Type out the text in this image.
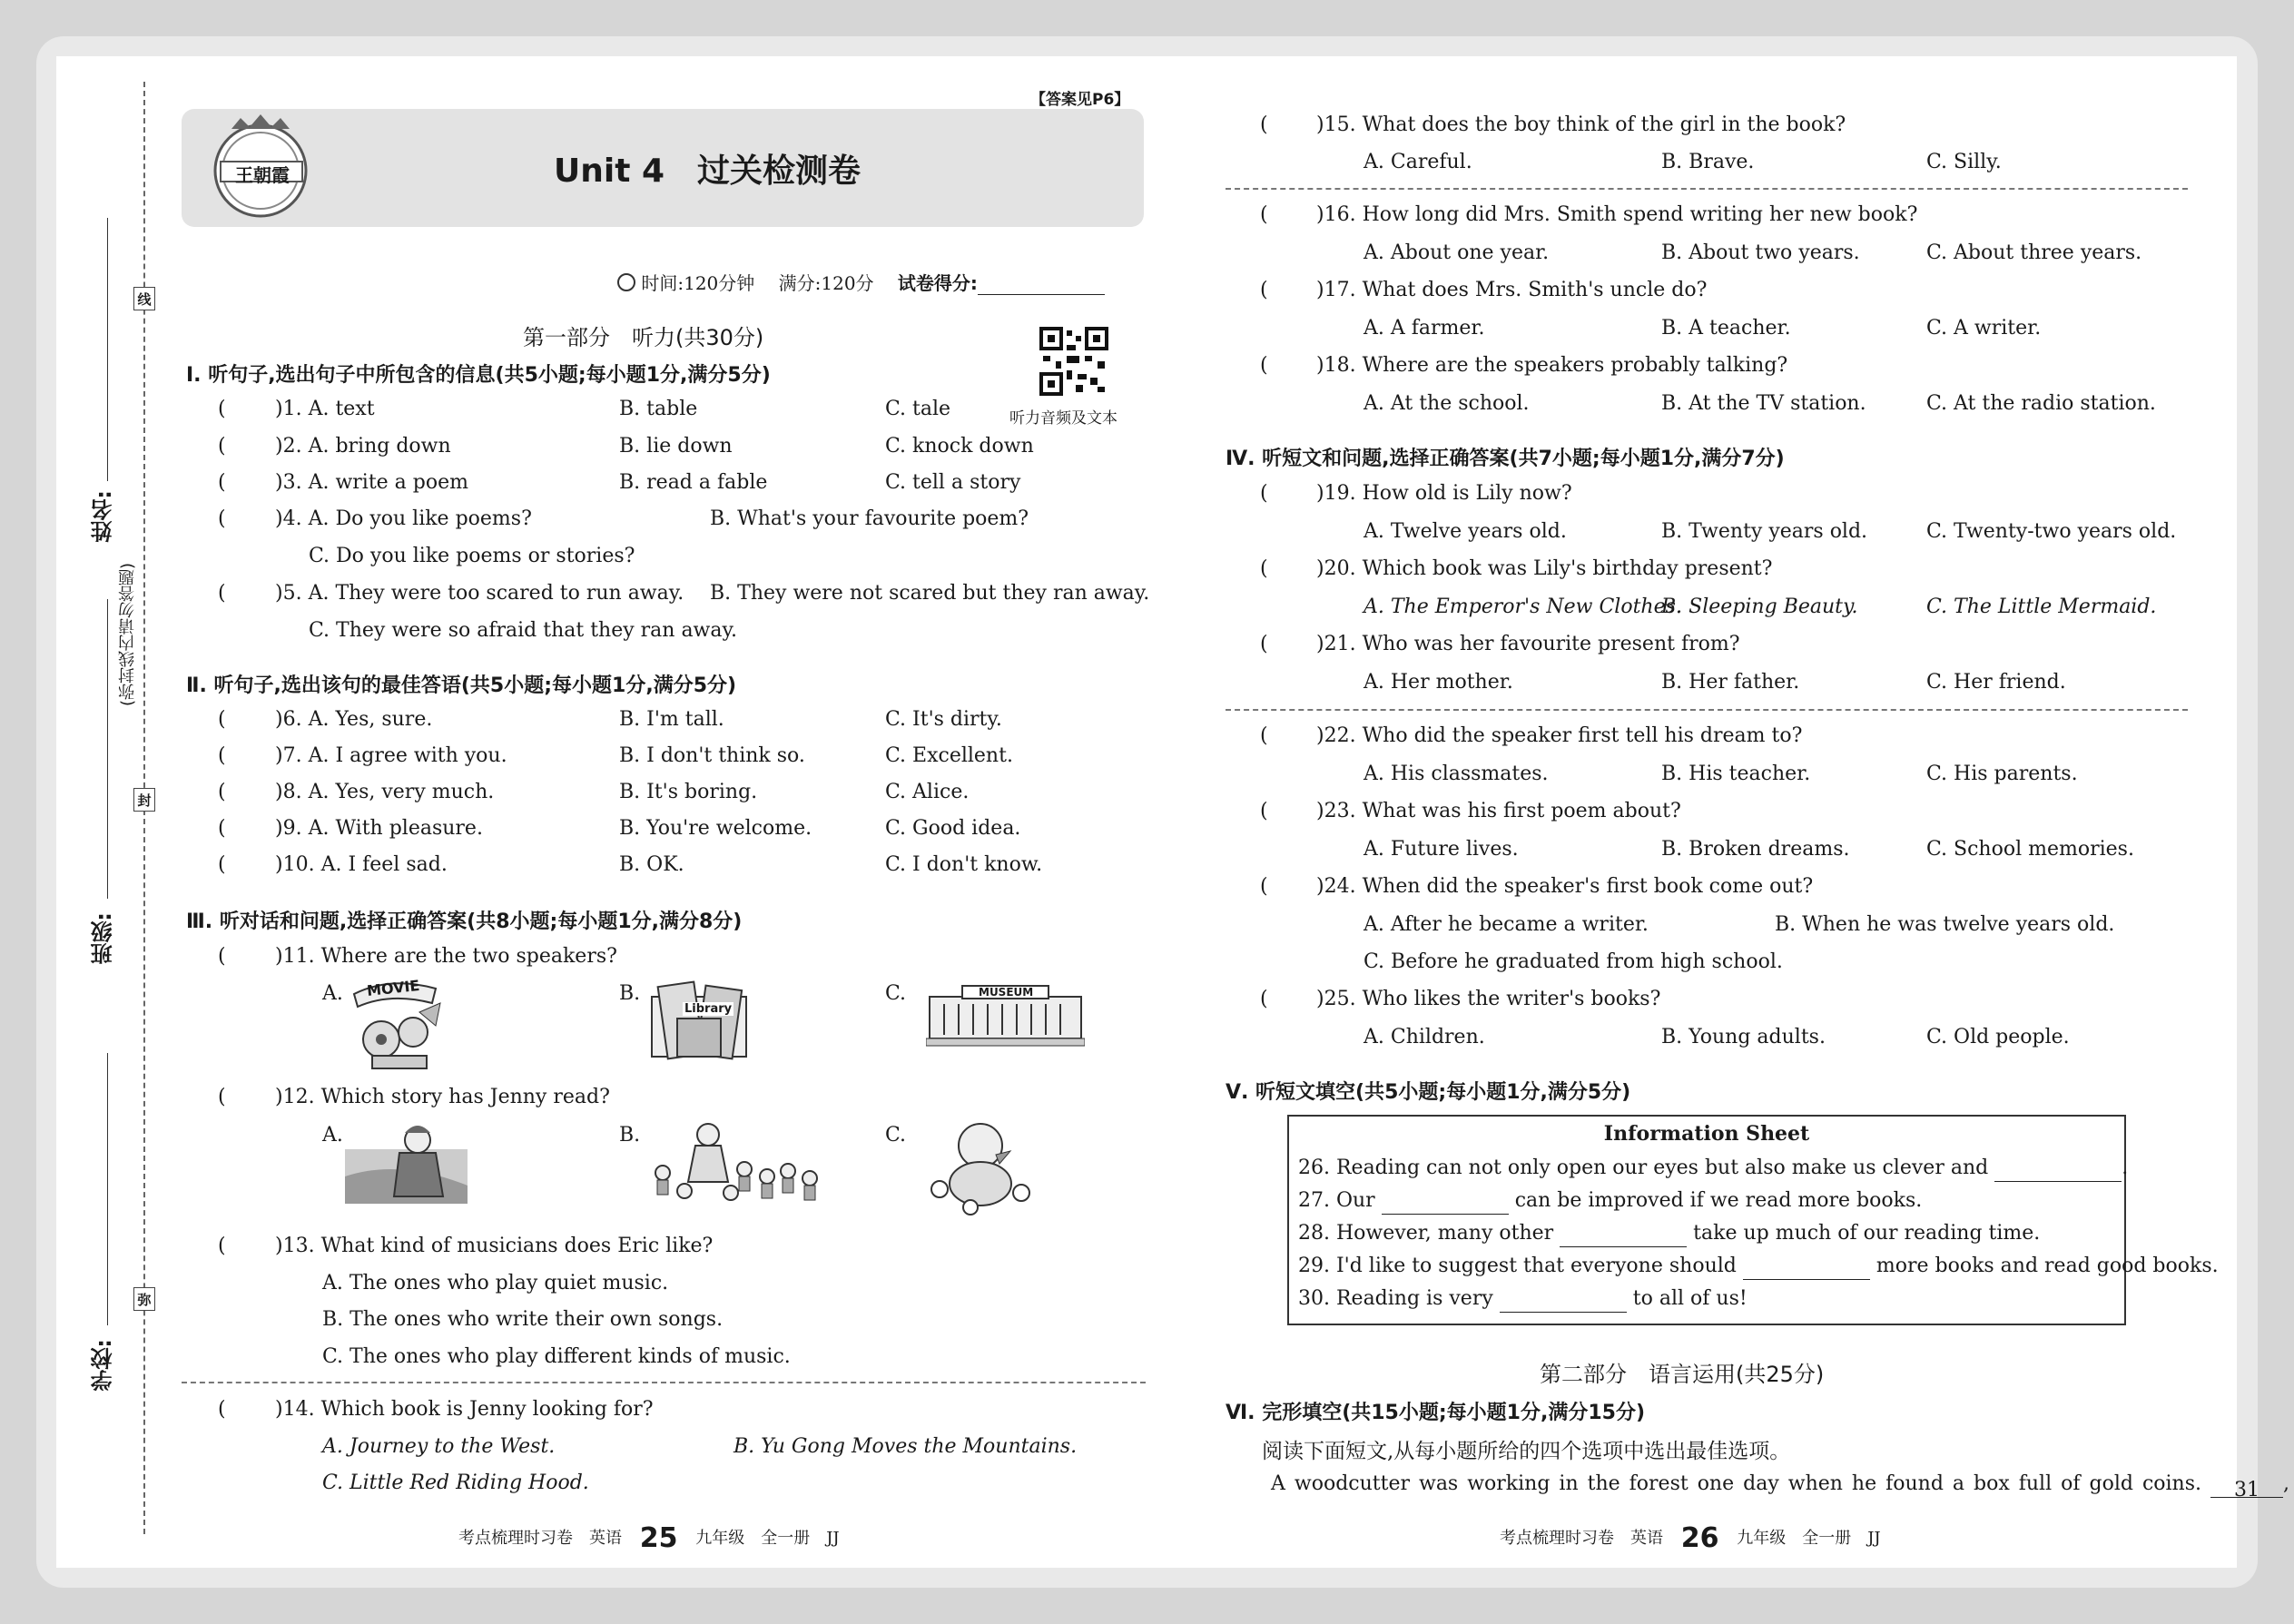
线
封
弥
(弥封线内请勿答题)
学校:
班级:
姓名:
【答案见P6】
王朝霞	Unit 4　过关检测卷
时间:120分钟　 满分:120分　 试卷得分:
第一部分　听力(共30分)
听力音频及文本
Ⅰ. 听句子,选出句子中所包含的信息(共5小题;每小题1分,满分5分)
( )1. A. text	B. table	C. tale
( )2. A. bring down	B. lie down	C. knock down
( )3. A. write a poem	B. read a fable	C. tell a story
( )4. A. Do you like poems?	B. What's your favourite poem?
C. Do you like poems or stories?
( )5. A. They were too scared to run away. B. They were not scared but they ran away.
C. They were so afraid that they ran away.
Ⅱ. 听句子,选出该句的最佳答语(共5小题;每小题1分,满分5分)
( )6. A. Yes, sure.	B. I'm tall.	C. It's dirty.
( )7. A. I agree with you.	B. I don't think so.	C. Excellent.
( )8. A. Yes, very much.	B. It's boring.	C. Alice.
( )9. A. With pleasure.	B. You're welcome.	C. Good idea.
( )10. A. I feel sad.	B. OK.	C. I don't know.
Ⅲ. 听对话和问题,选择正确答案(共8小题;每小题1分,满分8分)
( )11. Where are the two speakers?
A.	B.	C.
MOVIE
Library
MUSEUM
( )12. Which story has Jenny read?
A.	B.	C.
( )13. What kind of musicians does Eric like?
A. The ones who play quiet music.
B. The ones who write their own songs.
C. The ones who play different kinds of music.
( )14. Which book is Jenny looking for?
A. Journey to the West.	B. Yu Gong Moves the Mountains.
C. Little Red Riding Hood.
考点梳理时习卷　英语 25 九年级　全一册　JJ
( )15. What does the boy think of the girl in the book?
A. Careful.	B. Brave.	C. Silly.
( )16. How long did Mrs. Smith spend writing her new book?
A. About one year.	B. About two years.	C. About three years.
( )17. What does Mrs. Smith's uncle do?
A. A farmer.	B. A teacher.	C. A writer.
( )18. Where are the speakers probably talking?
A. At the school.	B. At the TV station.	C. At the radio station.
Ⅳ. 听短文和问题,选择正确答案(共7小题;每小题1分,满分7分)
( )19. How old is Lily now?
A. Twelve years old.	B. Twenty years old.	C. Twenty-two years old.
( )20. Which book was Lily's birthday present?
A. The Emperor's New Clothes.
B. Sleeping Beauty.	C. The Little Mermaid.
( )21. Who was her favourite present from?
A. Her mother.	B. Her father.	C. Her friend.
( )22. Who did the speaker first tell his dream to?
A. His classmates.	B. His teacher.	C. His parents.
( )23. What was his first poem about?
A. Future lives.	B. Broken dreams.	C. School memories.
( )24. When did the speaker's first book come out?
A. After he became a writer.	B. When he was twelve years old.
C. Before he graduated from high school.
( )25. Who likes the writer's books?
A. Children.	B. Young adults.	C. Old people.
Ⅴ. 听短文填空(共5小题;每小题1分,满分5分)
Information Sheet
26. Reading can not only open our eyes but also make us clever and	.
27. Our	can be improved if we read more books.
28. However, many other	take up much of our reading time.
29. I'd like to suggest that everyone should	more books and read good books.
30. Reading is very	to all of us!
第二部分　语言运用(共25分)
Ⅵ. 完形填空(共15小题;每小题1分,满分15分)
阅读下面短文,从每小题所给的四个选项中选出最佳选项。
A woodcutter was working in the forest one day when he found a box full of gold coins. 31 ,
考点梳理时习卷　英语 26 九年级　全一册　JJ
